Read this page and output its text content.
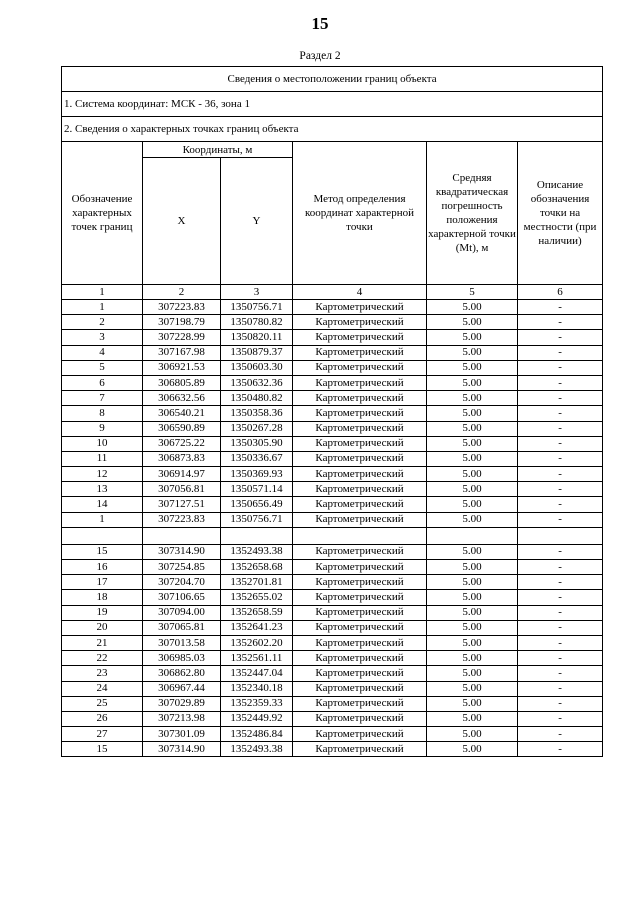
15
Раздел 2
Сведения о местоположении границ объекта					
1. Система координат: МСК - 36, зона 1					
2. Сведения о характерных точках границ объекта					
Обозначение характерных точек границ	Координаты, м		Метод определения координат характерной точки	Средняя квадратическая погрешность положения характерной точки (Mt), м	Описание обозначения точки на местности (при наличии)
	X	Y			
1	2	3	4	5	6
1	307223.83	1350756.71	Картометрический	5.00	-
2	307198.79	1350780.82	Картометрический	5.00	-
3	307228.99	1350820.11	Картометрический	5.00	-
4	307167.98	1350879.37	Картометрический	5.00	-
5	306921.53	1350603.30	Картометрический	5.00	-
6	306805.89	1350632.36	Картометрический	5.00	-
7	306632.56	1350480.82	Картометрический	5.00	-
8	306540.21	1350358.36	Картометрический	5.00	-
9	306590.89	1350267.28	Картометрический	5.00	-
10	306725.22	1350305.90	Картометрический	5.00	-
11	306873.83	1350336.67	Картометрический	5.00	-
12	306914.97	1350369.93	Картометрический	5.00	-
13	307056.81	1350571.14	Картометрический	5.00	-
14	307127.51	1350656.49	Картометрический	5.00	-
1	307223.83	1350756.71	Картометрический	5.00	-

15	307314.90	1352493.38	Картометрический	5.00	-
16	307254.85	1352658.68	Картометрический	5.00	-
17	307204.70	1352701.81	Картометрический	5.00	-
18	307106.65	1352655.02	Картометрический	5.00	-
19	307094.00	1352658.59	Картометрический	5.00	-
20	307065.81	1352641.23	Картометрический	5.00	-
21	307013.58	1352602.20	Картометрический	5.00	-
22	306985.03	1352561.11	Картометрический	5.00	-
23	306862.80	1352447.04	Картометрический	5.00	-
24	306967.44	1352340.18	Картометрический	5.00	-
25	307029.89	1352359.33	Картометрический	5.00	-
26	307213.98	1352449.92	Картометрический	5.00	-
27	307301.09	1352486.84	Картометрический	5.00	-
15	307314.90	1352493.38	Картометрический	5.00	-
